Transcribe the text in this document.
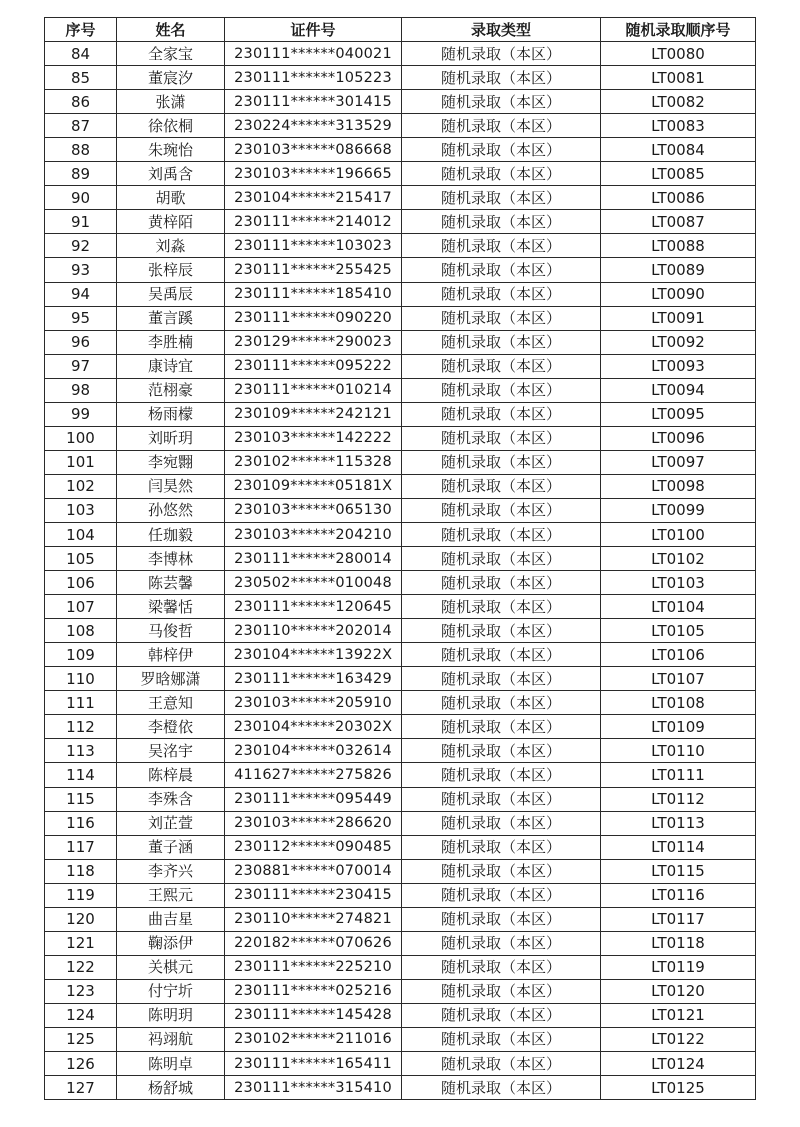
序号	姓名	证件号	录取类型	随机录取顺序号
84	全家宝	230111******040021	随机录取（本区）	LT0080
85	董宸汐	230111******105223	随机录取（本区）	LT0081
86	张潇	230111******301415	随机录取（本区）	LT0082
87	徐依桐	230224******313529	随机录取（本区）	LT0083
88	朱琬怡	230103******086668	随机录取（本区）	LT0084
89	刘禹含	230103******196665	随机录取（本区）	LT0085
90	胡歌	230104******215417	随机录取（本区）	LT0086
91	黄梓陌	230111******214012	随机录取（本区）	LT0087
92	刘淼	230111******103023	随机录取（本区）	LT0088
93	张梓辰	230111******255425	随机录取（本区）	LT0089
94	吴禹辰	230111******185410	随机录取（本区）	LT0090
95	董言蹊	230111******090220	随机录取（本区）	LT0091
96	李胜楠	230129******290023	随机录取（本区）	LT0092
97	康诗宜	230111******095222	随机录取（本区）	LT0093
98	范栩豪	230111******010214	随机录取（本区）	LT0094
99	杨雨檬	230109******242121	随机录取（本区）	LT0095
100	刘昕玥	230103******142222	随机录取（本区）	LT0096
101	李宛翾	230102******115328	随机录取（本区）	LT0097
102	闫昊然	230109******05181X	随机录取（本区）	LT0098
103	孙悠然	230103******065130	随机录取（本区）	LT0099
104	任珈毅	230103******204210	随机录取（本区）	LT0100
105	李博林	230111******280014	随机录取（本区）	LT0102
106	陈芸馨	230502******010048	随机录取（本区）	LT0103
107	梁馨恬	230111******120645	随机录取（本区）	LT0104
108	马俊哲	230110******202014	随机录取（本区）	LT0105
109	韩梓伊	230104******13922X	随机录取（本区）	LT0106
110	罗晗娜潇	230111******163429	随机录取（本区）	LT0107
111	王意知	230103******205910	随机录取（本区）	LT0108
112	李橙依	230104******20302X	随机录取（本区）	LT0109
113	吴洺宇	230104******032614	随机录取（本区）	LT0110
114	陈梓晨	411627******275826	随机录取（本区）	LT0111
115	李殊含	230111******095449	随机录取（本区）	LT0112
116	刘芷萱	230103******286620	随机录取（本区）	LT0113
117	董子涵	230112******090485	随机录取（本区）	LT0114
118	李齐兴	230881******070014	随机录取（本区）	LT0115
119	王熙元	230111******230415	随机录取（本区）	LT0116
120	曲吉星	230110******274821	随机录取（本区）	LT0117
121	鞠添伊	220182******070626	随机录取（本区）	LT0118
122	关棋元	230111******225210	随机录取（本区）	LT0119
123	付宁圻	230111******025216	随机录取（本区）	LT0120
124	陈明玥	230111******145428	随机录取（本区）	LT0121
125	祃翊航	230102******211016	随机录取（本区）	LT0122
126	陈明卓	230111******165411	随机录取（本区）	LT0124
127	杨舒城	230111******315410	随机录取（本区）	LT0125
